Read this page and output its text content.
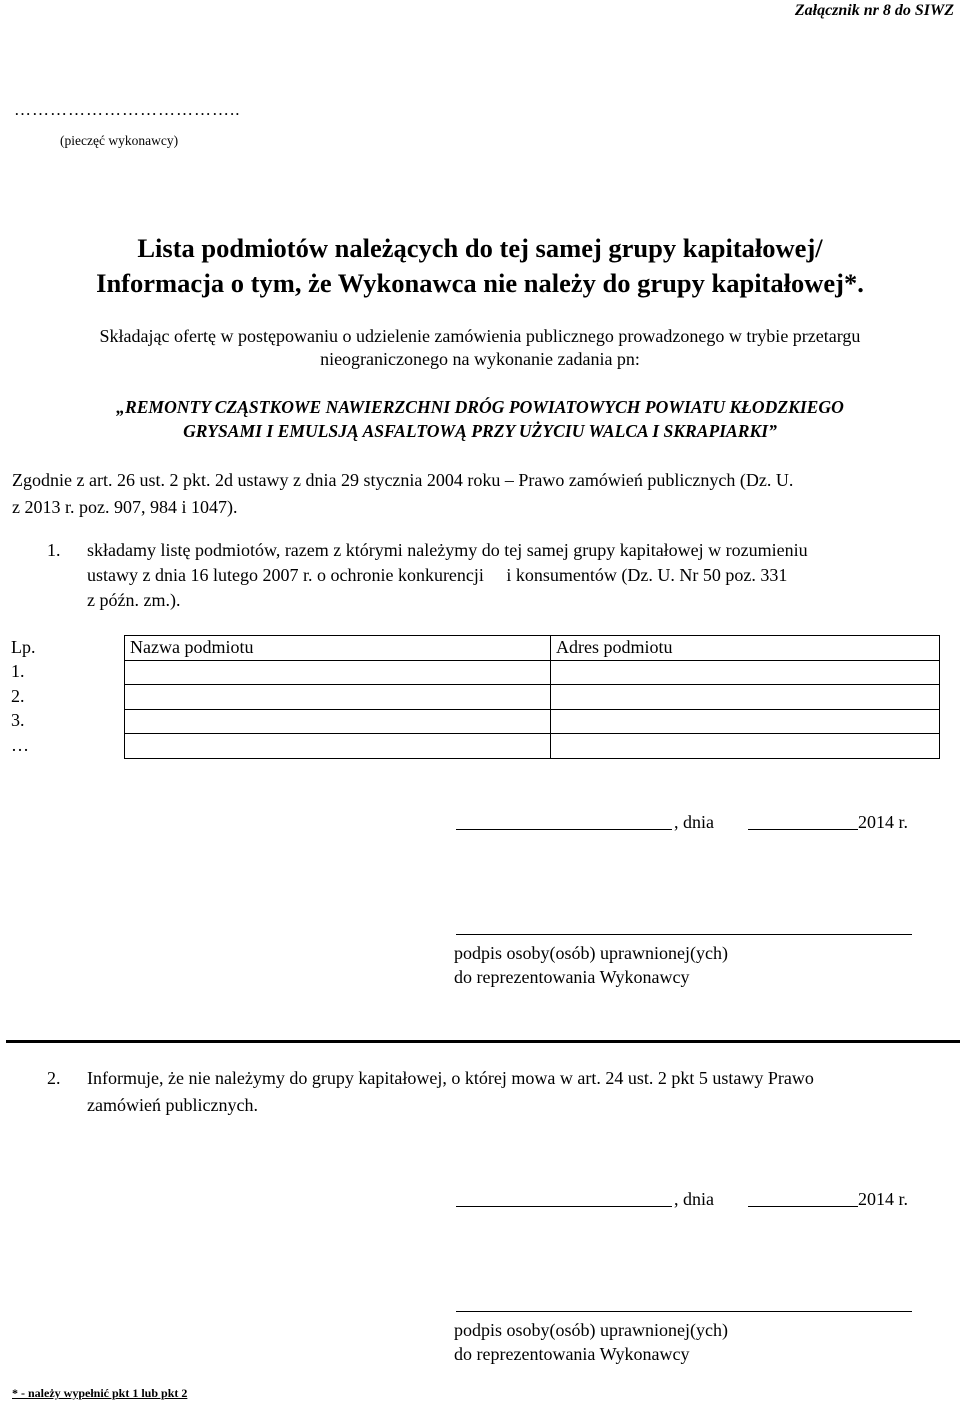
Załącznik nr 8 do SIWZ
………………………………..
(pieczęć wykonawcy)
Lista podmiotów należących do tej samej grupy kapitałowej/
Informacja o tym, że Wykonawca nie należy do grupy kapitałowej*.
Składając ofertę w postępowaniu o udzielenie zamówienia publicznego prowadzonego w trybie przetargu
nieograniczonego na wykonanie zadania pn:
„REMONTY CZĄSTKOWE NAWIERZCHNI DRÓG POWIATOWYCH POWIATU KŁODZKIEGO
GRYSAMI I EMULSJĄ ASFALTOWĄ PRZY UŻYCIU WALCA I SKRAPIARKI”
Zgodnie z art. 26 ust. 2 pkt. 2d ustawy z dnia 29 stycznia 2004 roku – Prawo zamówień publicznych (Dz. U.
z 2013 r. poz. 907, 984 i 1047).
1. składamy listę podmiotów, razem z którymi należymy do tej samej grupy kapitałowej w rozumieniu
ustawy z dnia 16 lutego 2007 r. o ochronie konkurencji     i konsumentów (Dz. U. Nr 50 poz. 331
z późn. zm.).
Lp.	Nazwa podmiotu	Adres podmiotu
1.		
2.		
3.		
…		
, dnia	2014 r.
podpis osoby(osób) uprawnionej(ych)
do reprezentowania Wykonawcy
2. Informuje, że nie należymy do grupy kapitałowej, o której mowa w art. 24 ust. 2 pkt 5 ustawy Prawo
zamówień publicznych.
, dnia	2014 r.
podpis osoby(osób) uprawnionej(ych)
do reprezentowania Wykonawcy
* - należy wypełnić pkt 1 lub pkt 2
